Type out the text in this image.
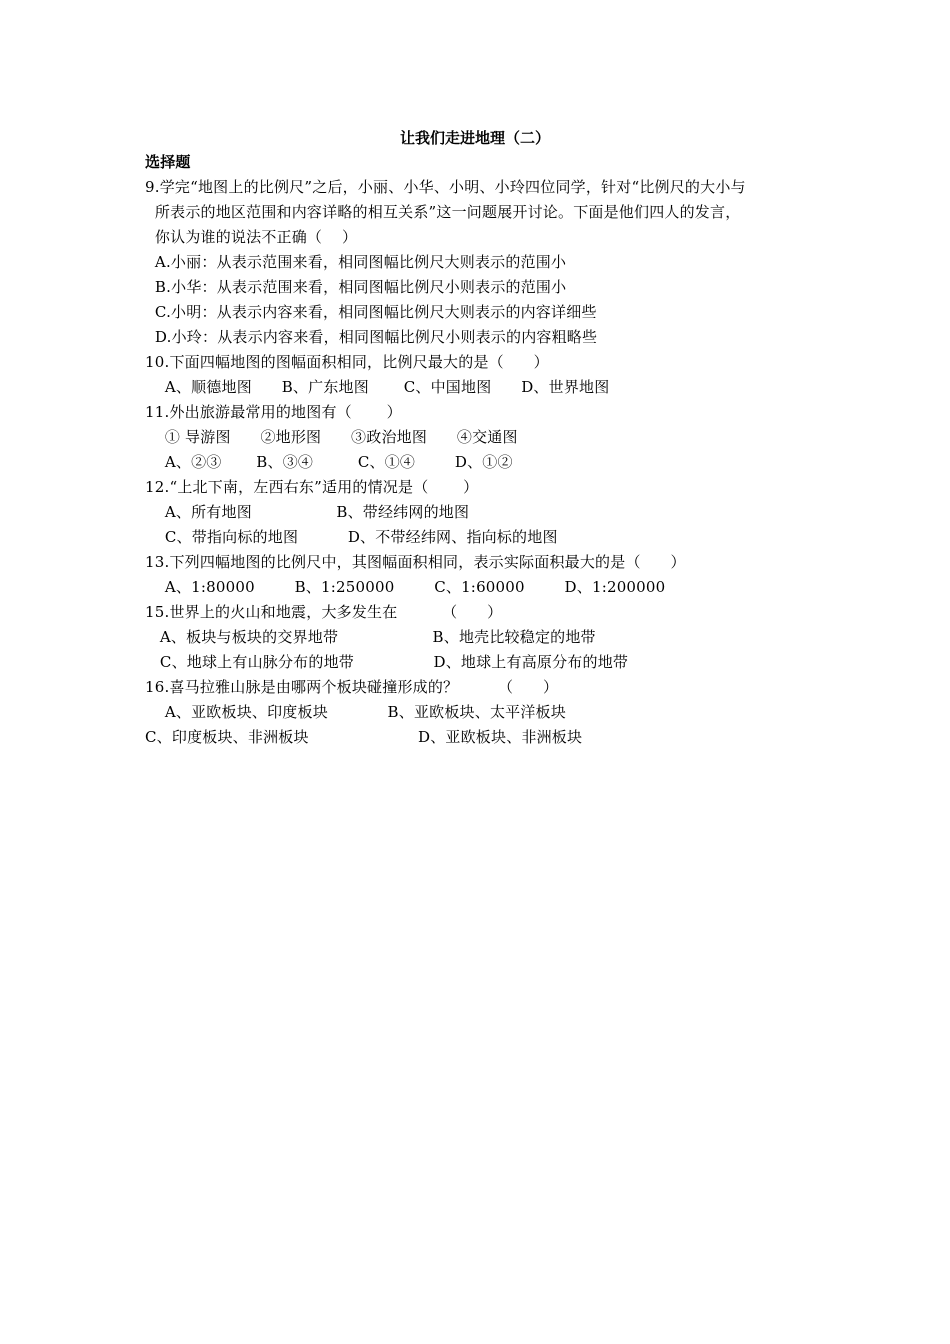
让我们走进地理（二）
选择题
9.学完“地图上的比例尺”之后，小丽、小华、小明、小玲四位同学，针对“比例尺的大小与
所表示的地区范围和内容详略的相互关系”这一问题展开讨论。下面是他们四人的发言，
你认为谁的说法不正确（    ）
A.小丽：从表示范围来看，相同图幅比例尺大则表示的范围小
B.小华：从表示范围来看，相同图幅比例尺小则表示的范围小
C.小明：从表示内容来看，相同图幅比例尺大则表示的内容详细些
D.小玲：从表示内容来看，相同图幅比例尺小则表示的内容粗略些
10.下面四幅地图的图幅面积相同，比例尺最大的是（      ）
A、顺德地图      B、广东地图       C、中国地图      D、世界地图
11.外出旅游最常用的地图有（       ）
① 导游图      ②地形图      ③政治地图      ④交通图
A、②③       B、③④         C、①④        D、①②
12.“上北下南，左西右东”适用的情况是（       ）
A、所有地图                 B、带经纬网的地图
C、带指向标的地图          D、不带经纬网、指向标的地图
13.下列四幅地图的比例尺中，其图幅面积相同，表示实际面积最大的是（      ）
A、1:80000        B、1:250000        C、1:60000        D、1:200000
15.世界上的火山和地震，大多发生在         （      ）
A、板块与板块的交界地带                   B、地壳比较稳定的地带
C、地球上有山脉分布的地带                D、地球上有高原分布的地带
16.喜马拉雅山脉是由哪两个板块碰撞形成的？        （      ）
A、亚欧板块、印度板块            B、亚欧板块、太平洋板块
C、印度板块、非洲板块                      D、亚欧板块、非洲板块
